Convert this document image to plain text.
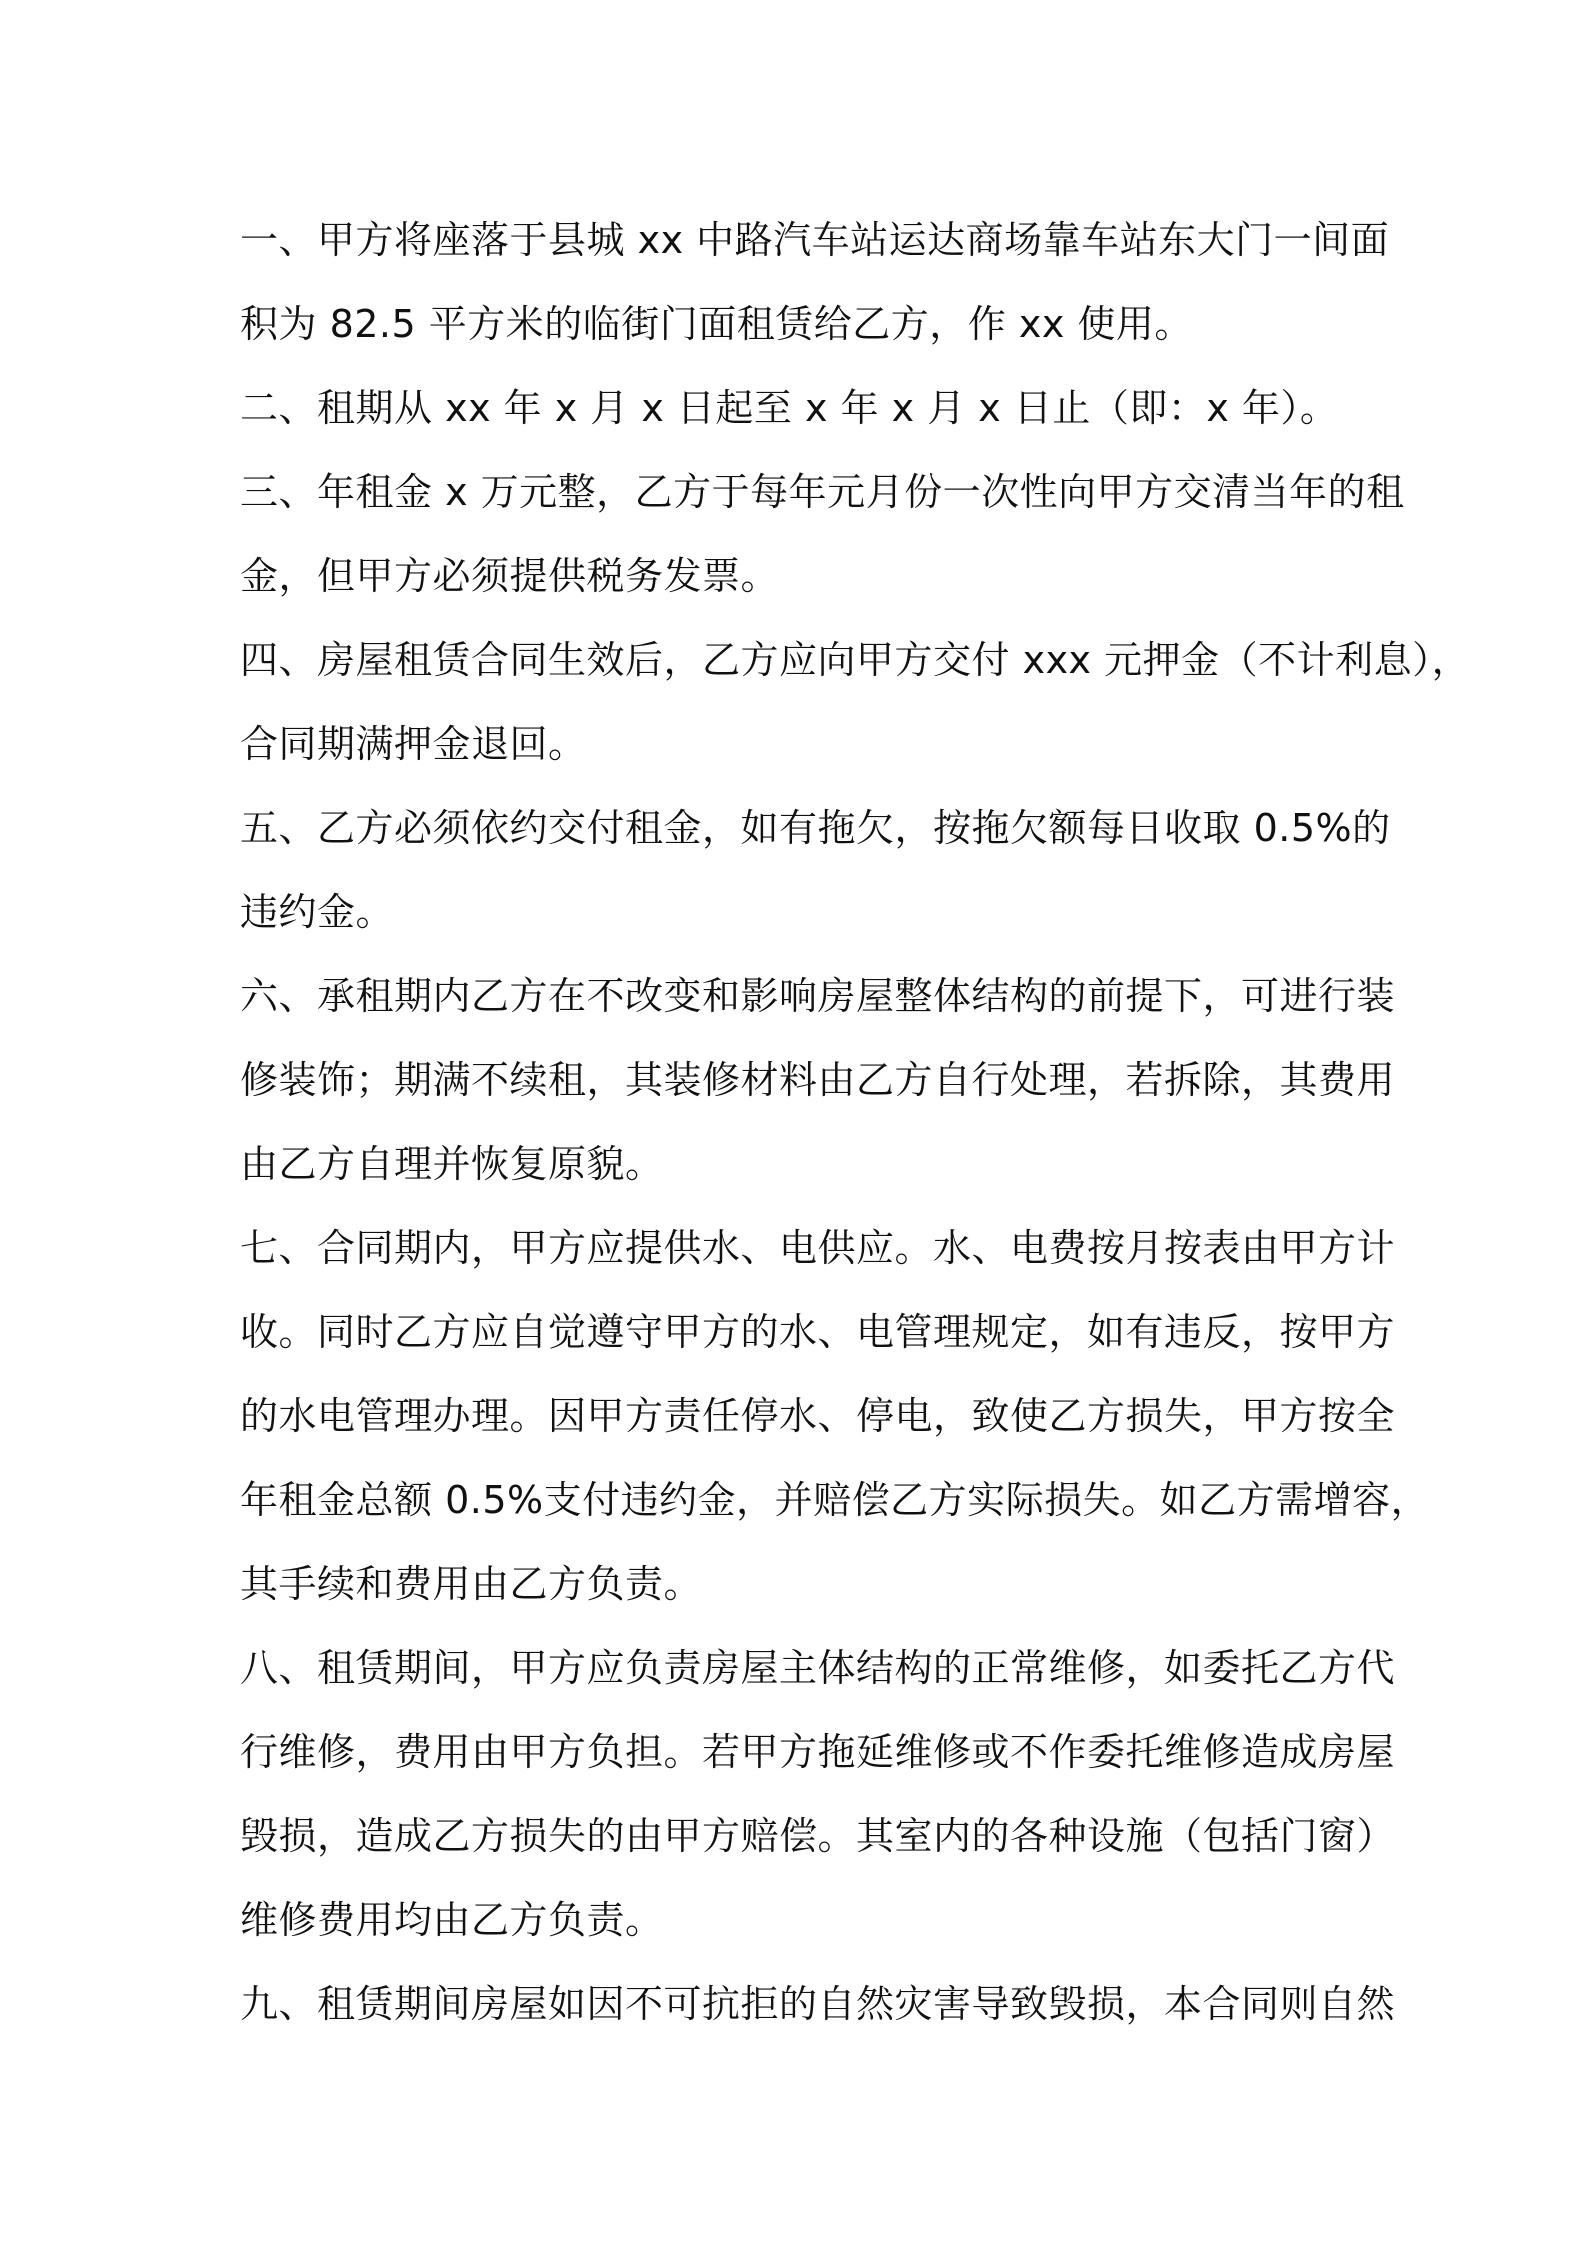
一、甲方将座落于县城 xx 中路汽车站运达商场靠车站东大门一间面
积为 82.5 平方米的临街门面租赁给乙方，作 xx 使用。
二、租期从 xx 年 x 月 x 日起至 x 年 x 月 x 日止（即：x 年）。
三、年租金 x 万元整，乙方于每年元月份一次性向甲方交清当年的租
金，但甲方必须提供税务发票。
四、房屋租赁合同生效后，乙方应向甲方交付 xxx 元押金（不计利息），
合同期满押金退回。
五、乙方必须依约交付租金，如有拖欠，按拖欠额每日收取 0.5%的
违约金。
六、承租期内乙方在不改变和影响房屋整体结构的前提下，可进行装
修装饰；期满不续租，其装修材料由乙方自行处理，若拆除，其费用
由乙方自理并恢复原貌。
七、合同期内，甲方应提供水、电供应。水、电费按月按表由甲方计
收。同时乙方应自觉遵守甲方的水、电管理规定，如有违反，按甲方
的水电管理办理。因甲方责任停水、停电，致使乙方损失，甲方按全
年租金总额 0.5%支付违约金，并赔偿乙方实际损失。如乙方需增容，
其手续和费用由乙方负责。
八、租赁期间，甲方应负责房屋主体结构的正常维修，如委托乙方代
行维修，费用由甲方负担。若甲方拖延维修或不作委托维修造成房屋
毁损，造成乙方损失的由甲方赔偿。其室内的各种设施（包括门窗）
维修费用均由乙方负责。
九、租赁期间房屋如因不可抗拒的自然灾害导致毁损，本合同则自然
